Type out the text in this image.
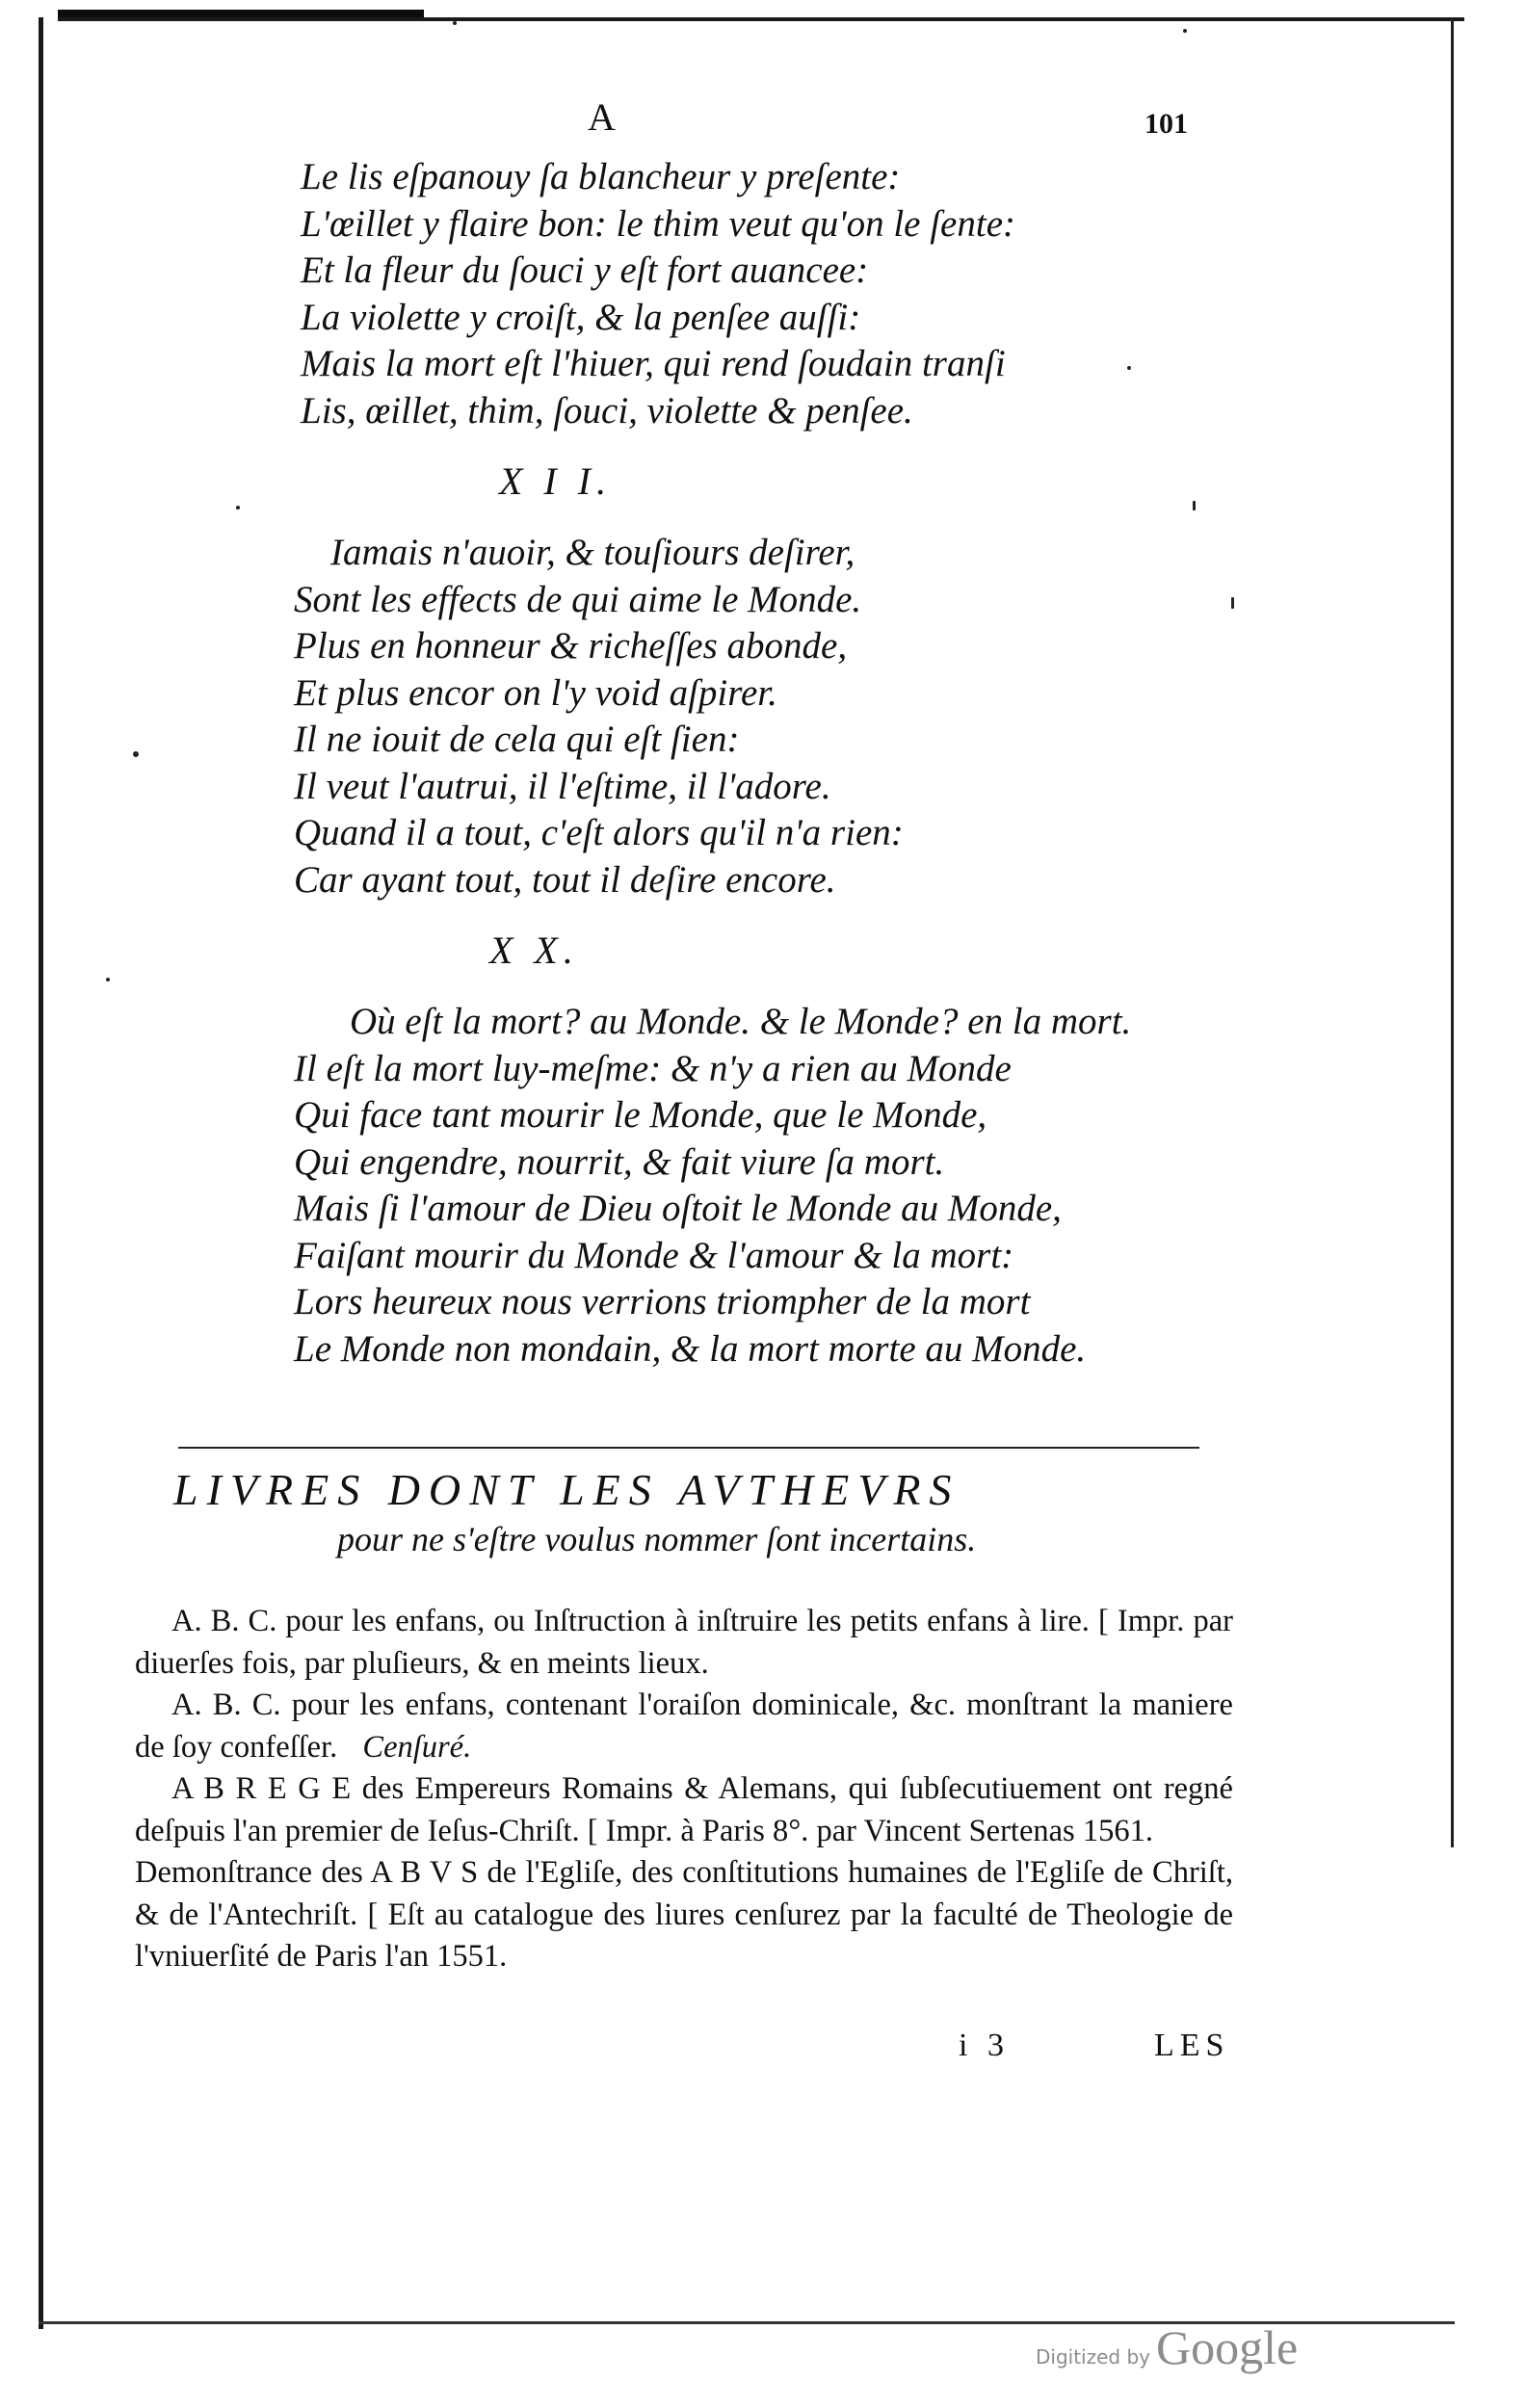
A	101
Le lis eſpanouy ſa blancheur y preſente:
L'œillet y flaire bon: le thim veut qu'on le ſente:
Et la fleur du ſouci y eſt fort auancee:
La violette y croiſt, & la penſee auſſi:
Mais la mort eſt l'hiuer, qui rend ſoudain tranſi
Lis, œillet, thim, ſouci, violette & penſee.
X I I.
Iamais n'auoir, & touſiours deſirer,
Sont les effects de qui aime le Monde.
Plus en honneur & richeſſes abonde,
Et plus encor on l'y void aſpirer.
Il ne iouit de cela qui eſt ſien:
Il veut l'autrui, il l'eſtime, il l'adore.
Quand il a tout, c'eſt alors qu'il n'a rien:
Car ayant tout, tout il deſire encore.
X X.
Où eſt la mort? au Monde. & le Monde? en la mort.
Il eſt la mort luy-meſme: & n'y a rien au Monde
Qui face tant mourir le Monde, que le Monde,
Qui engendre, nourrit, & fait viure ſa mort.
Mais ſi l'amour de Dieu oſtoit le Monde au Monde,
Faiſant mourir du Monde & l'amour & la mort:
Lors heureux nous verrions triompher de la mort
Le Monde non mondain, & la mort morte au Monde.
LIVRES DONT LES AVTHEVRS
pour ne s'eſtre voulus nommer ſont incertains.

A. B. C. pour les enfans, ou Inſtruction à inſtruire les petits enfans à lire. [ Impr. par diuerſes fois, par pluſieurs, & en meints lieux.

A. B. C. pour les enfans, contenant l'oraiſon dominicale, &c. monſtrant la maniere de ſoy confeſſer. Cenſuré.

A B R E G E des Empereurs Romains & Alemans, qui ſubſecutiuement ont regné deſpuis l'an premier de Ieſus-Chriſt. [ Impr. à Paris 8°. par Vincent Sertenas 1561.

Demonſtrance des A B V S de l'Egliſe, des conſtitutions humaines de l'Egliſe de Chriſt, & de l'Antechriſt. [ Eſt au catalogue des liures cenſurez par la faculté de Theologie de l'vniuerſité de Paris l'an 1551.

i 3	LES
Digitized by Google
